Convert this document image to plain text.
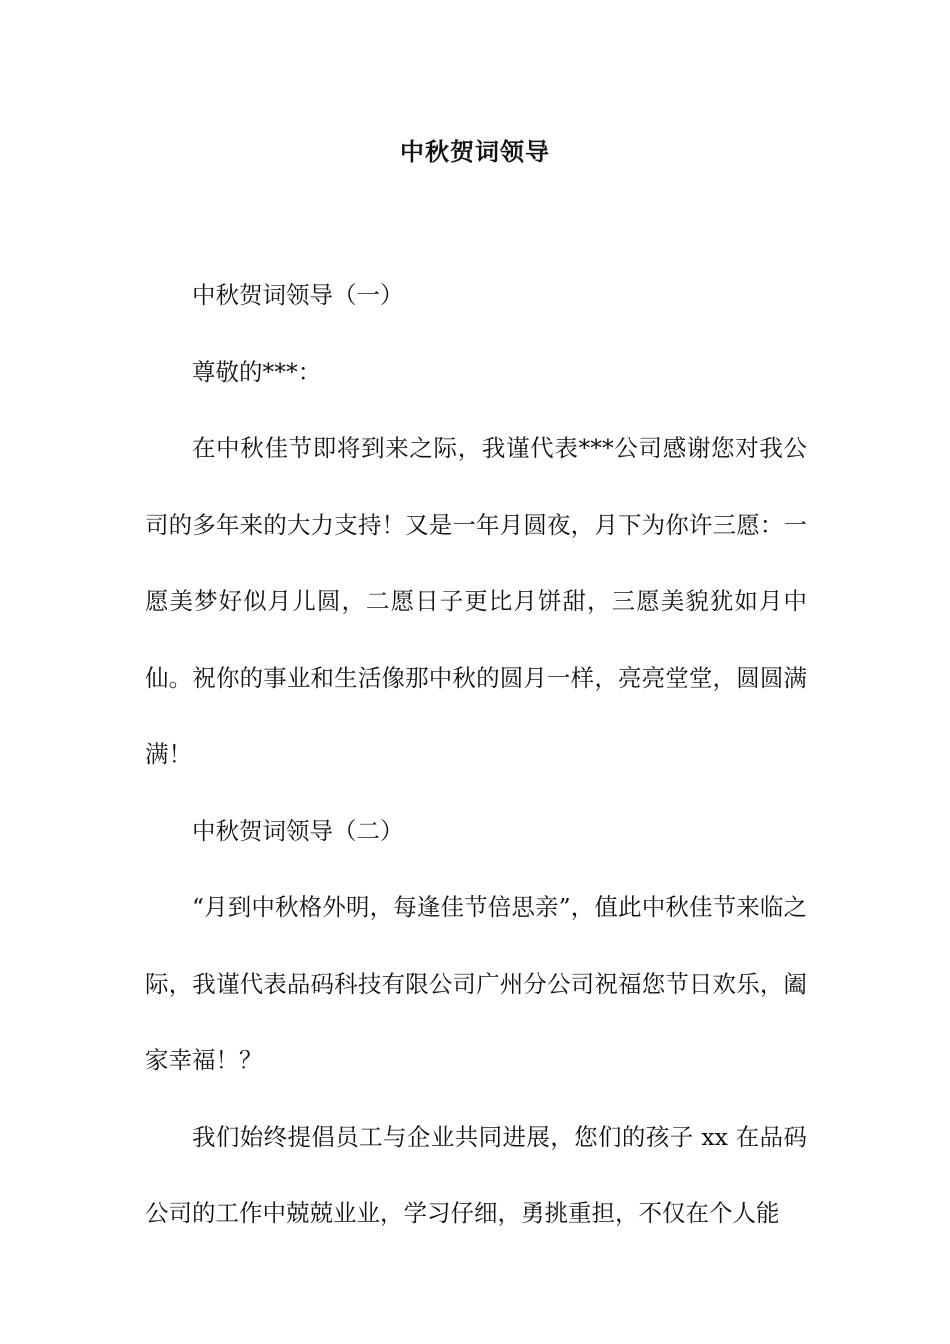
中秋贺词领导

中秋贺词领导（一）

尊敬的***：

在中秋佳节即将到来之际，我谨代表***公司感谢您对我公司的多年来的大力支持！又是一年月圆夜，月下为你许三愿：一愿美梦好似月儿圆，二愿日子更比月饼甜，三愿美貌犹如月中仙。祝你的事业和生活像那中秋的圆月一样，亮亮堂堂，圆圆满满！

中秋贺词领导（二）

“月到中秋格外明，每逢佳节倍思亲”，值此中秋佳节来临之际，我谨代表品码科技有限公司广州分公司祝福您节日欢乐，阖家幸福！？

我们始终提倡员工与企业共同进展，您们的孩子 xx 在品码公司的工作中兢兢业业，学习仔细，勇挑重担，不仅在个人能
